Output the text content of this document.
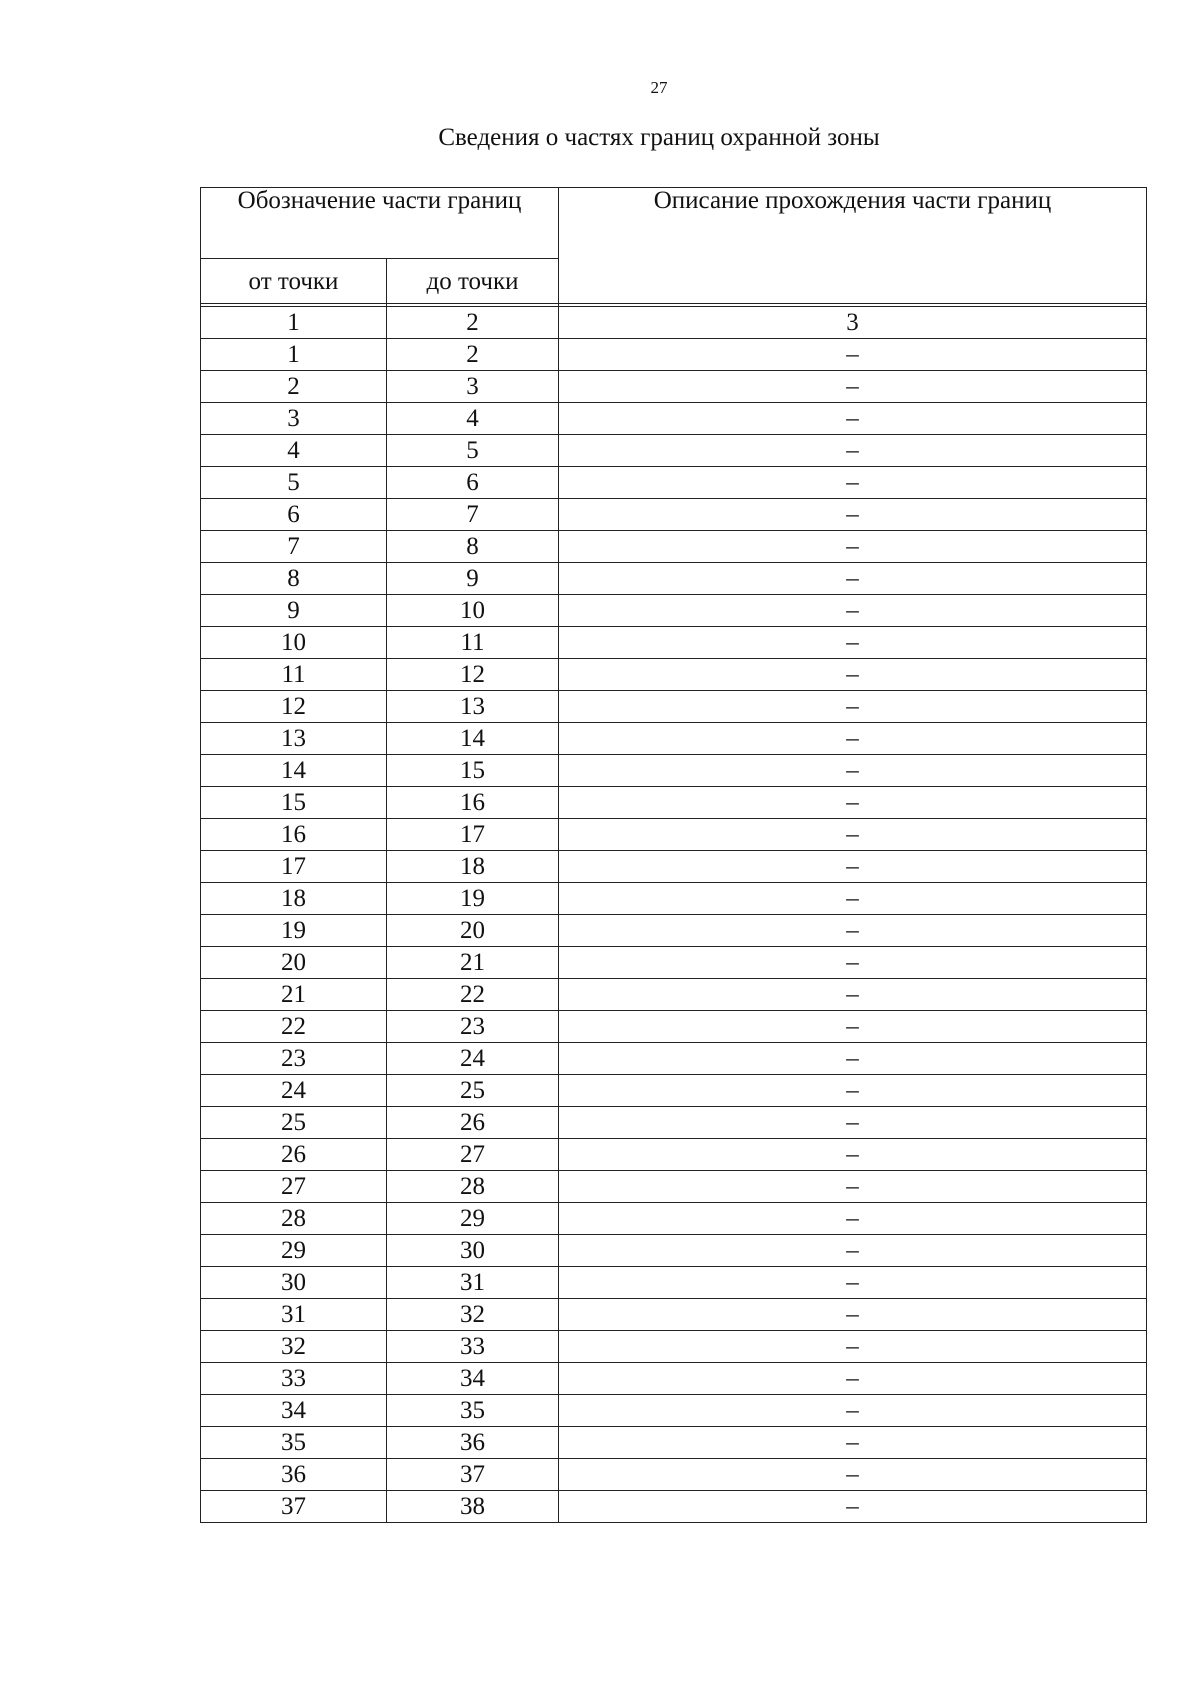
27
Сведения о частях границ охранной зоны
Обозначение части границ		Описание прохождения части границ
от точки	до точки	

1	2	3
1	2	–
2	3	–
3	4	–
4	5	–
5	6	–
6	7	–
7	8	–
8	9	–
9	10	–
10	11	–
11	12	–
12	13	–
13	14	–
14	15	–
15	16	–
16	17	–
17	18	–
18	19	–
19	20	–
20	21	–
21	22	–
22	23	–
23	24	–
24	25	–
25	26	–
26	27	–
27	28	–
28	29	–
29	30	–
30	31	–
31	32	–
32	33	–
33	34	–
34	35	–
35	36	–
36	37	–
37	38	–
